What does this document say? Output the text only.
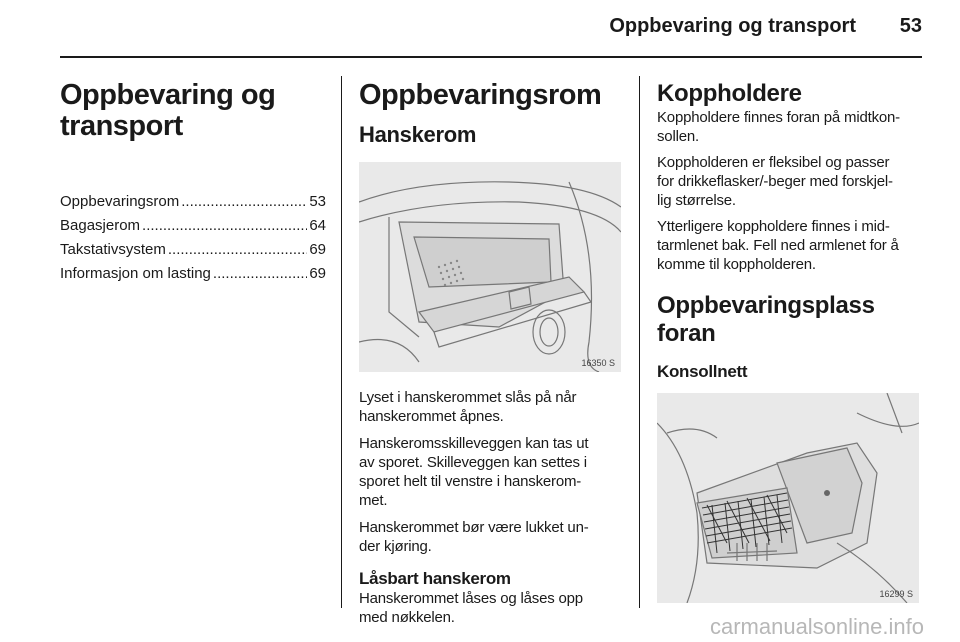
Oppbevaring og transport	53
Oppbevaring og
transport
Oppbevaringsrom .....	53
Bagasjerom .....	64
Takstativsystem .....	69
Informasjon om lasting .....	69
Oppbevaringsrom
Hanskerom
16350 S

Lyset i hanskerommet slås på når
hanskerommet åpnes.

Hanskeromsskilleveggen kan tas ut
av sporet. Skilleveggen kan settes i
sporet helt til venstre i hanskerom-
met.

Hanskerommet bør være lukket un-
der kjøring.

Låsbart hanskerom

Hanskerommet låses og låses opp
med nøkkelen.

Koppholdere

Koppholdere finnes foran på midtkon-
sollen.

Koppholderen er fleksibel og passer
for drikkeflasker/-beger med forskjel-
lig størrelse.

Ytterligere koppholdere finnes i mid-
tarmlenet bak. Fell ned armlenet for å
komme til koppholderen.

Oppbevaringsplass foran
Konsollnett
16299 S
carmanualsonline.info
